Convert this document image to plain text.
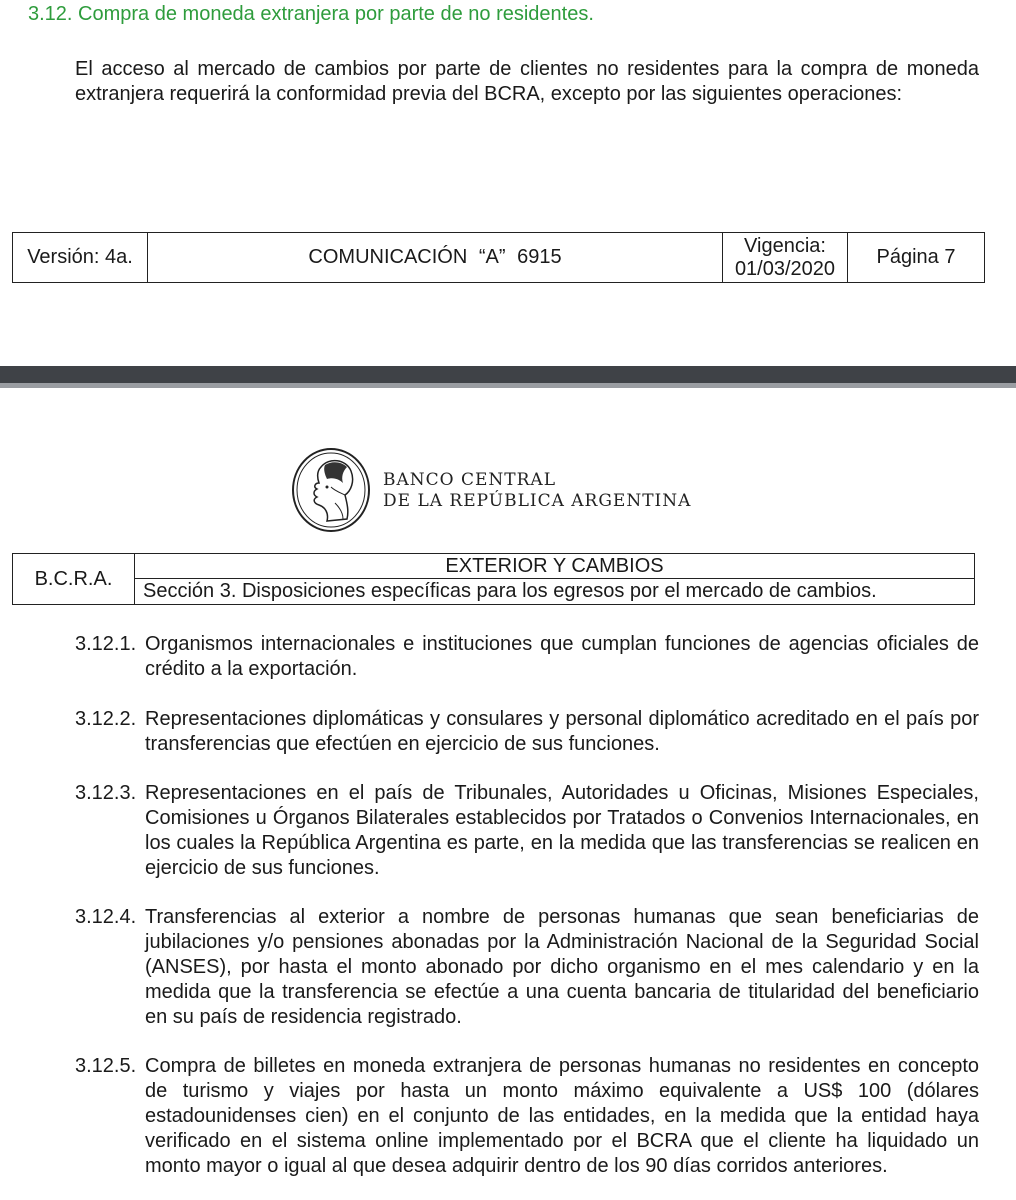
3.12. Compra de moneda extranjera por parte de no residentes.
El acceso al mercado de cambios por parte de clientes no residentes para la compra de moneda extranjera requerirá la conformidad previa del BCRA, excepto por las siguientes operaciones:
Versión: 4a.	COMUNICACIÓN “A” 6915
Vigencia:
01/03/2020
Página 7
BANCO CENTRAL
DE LA REPÚBLICA ARGENTINA
B.C.R.A.
EXTERIOR Y CAMBIOS
Sección 3. Disposiciones específicas para los egresos por el mercado de cambios.
3.12.1. Organismos internacionales e instituciones que cumplan funciones de agencias oficiales de crédito a la exportación.
3.12.2. Representaciones diplomáticas y consulares y personal diplomático acreditado en el país por transferencias que efectúen en ejercicio de sus funciones.
3.12.3. Representaciones en el país de Tribunales, Autoridades u Oficinas, Misiones Especiales, Comisiones u Órganos Bilaterales establecidos por Tratados o Convenios Internacionales, en los cuales la República Argentina es parte, en la medida que las transferencias se realicen en ejercicio de sus funciones.
3.12.4. Transferencias al exterior a nombre de personas humanas que sean beneficiarias de jubilaciones y/o pensiones abonadas por la Administración Nacional de la Seguridad Social (ANSES), por hasta el monto abonado por dicho organismo en el mes calendario y en la medida que la transferencia se efectúe a una cuenta bancaria de titularidad del beneficiario en su país de residencia registrado.
3.12.5. Compra de billetes en moneda extranjera de personas humanas no residentes en concepto de turismo y viajes por hasta un monto máximo equivalente a US$ 100 (dólares estadounidenses cien) en el conjunto de las entidades, en la medida que la entidad haya verificado en el sistema online implementado por el BCRA que el cliente ha liquidado un monto mayor o igual al que desea adquirir dentro de los 90 días corridos anteriores.
